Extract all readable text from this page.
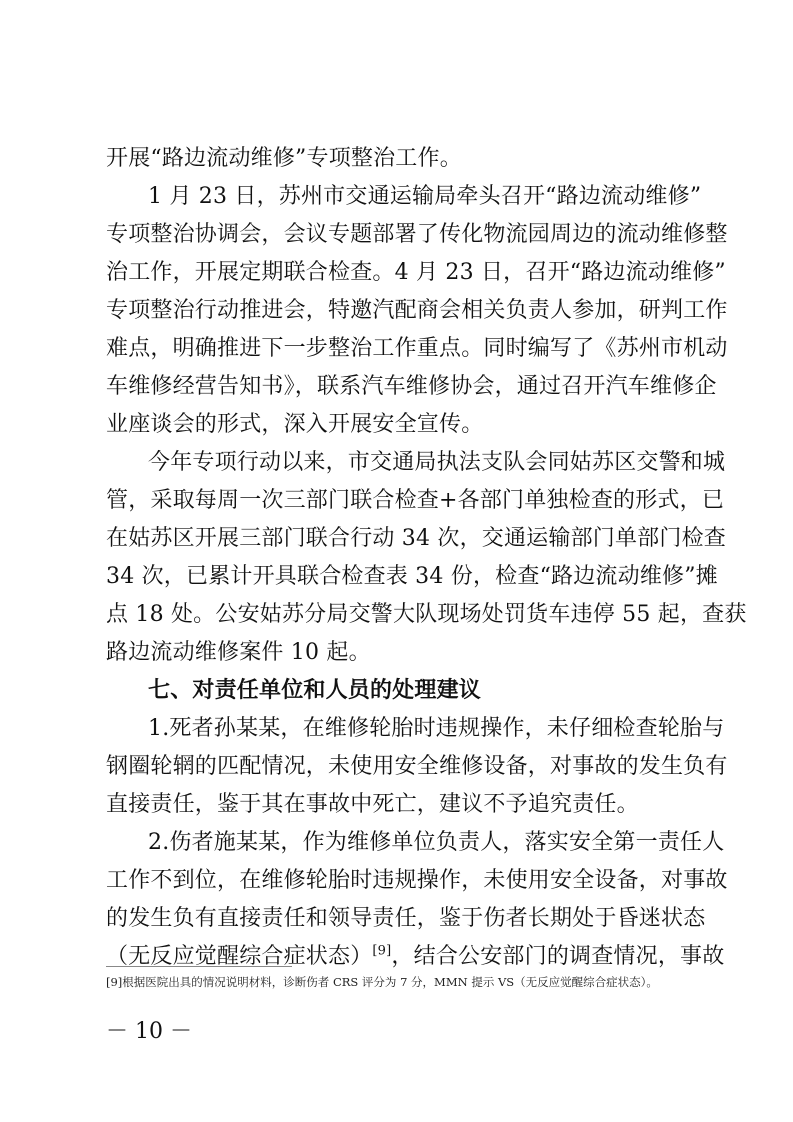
开展“路边流动维修”专项整治工作。
1 月 23 日，苏州市交通运输局牵头召开“路边流动维修”
专项整治协调会，会议专题部署了传化物流园周边的流动维修整
治工作，开展定期联合检查。4 月 23 日，召开“路边流动维修”
专项整治行动推进会，特邀汽配商会相关负责人参加，研判工作
难点，明确推进下一步整治工作重点。同时编写了《苏州市机动
车维修经营告知书》，联系汽车维修协会，通过召开汽车维修企
业座谈会的形式，深入开展安全宣传。
今年专项行动以来，市交通局执法支队会同姑苏区交警和城
管，采取每周一次三部门联合检查+各部门单独检查的形式，已
在姑苏区开展三部门联合行动 34 次，交通运输部门单部门检查
34 次，已累计开具联合检查表 34 份，检查“路边流动维修”摊
点 18 处。公安姑苏分局交警大队现场处罚货车违停 55 起，查获
路边流动维修案件 10 起。
七、对责任单位和人员的处理建议
1.死者孙某某，在维修轮胎时违规操作，未仔细检查轮胎与
钢圈轮辋的匹配情况，未使用安全维修设备，对事故的发生负有
直接责任，鉴于其在事故中死亡，建议不予追究责任。
2.伤者施某某，作为维修单位负责人，落实安全第一责任人
工作不到位，在维修轮胎时违规操作，未使用安全设备，对事故
的发生负有直接责任和领导责任，鉴于伤者长期处于昏迷状态
（无反应觉醒综合症状态）[9]，结合公安部门的调查情况，事故
[9]根据医院出具的情况说明材料，诊断伤者 CRS 评分为 7 分，MMN 提示 VS（无反应觉醒综合症状态）。
－ 10 －
